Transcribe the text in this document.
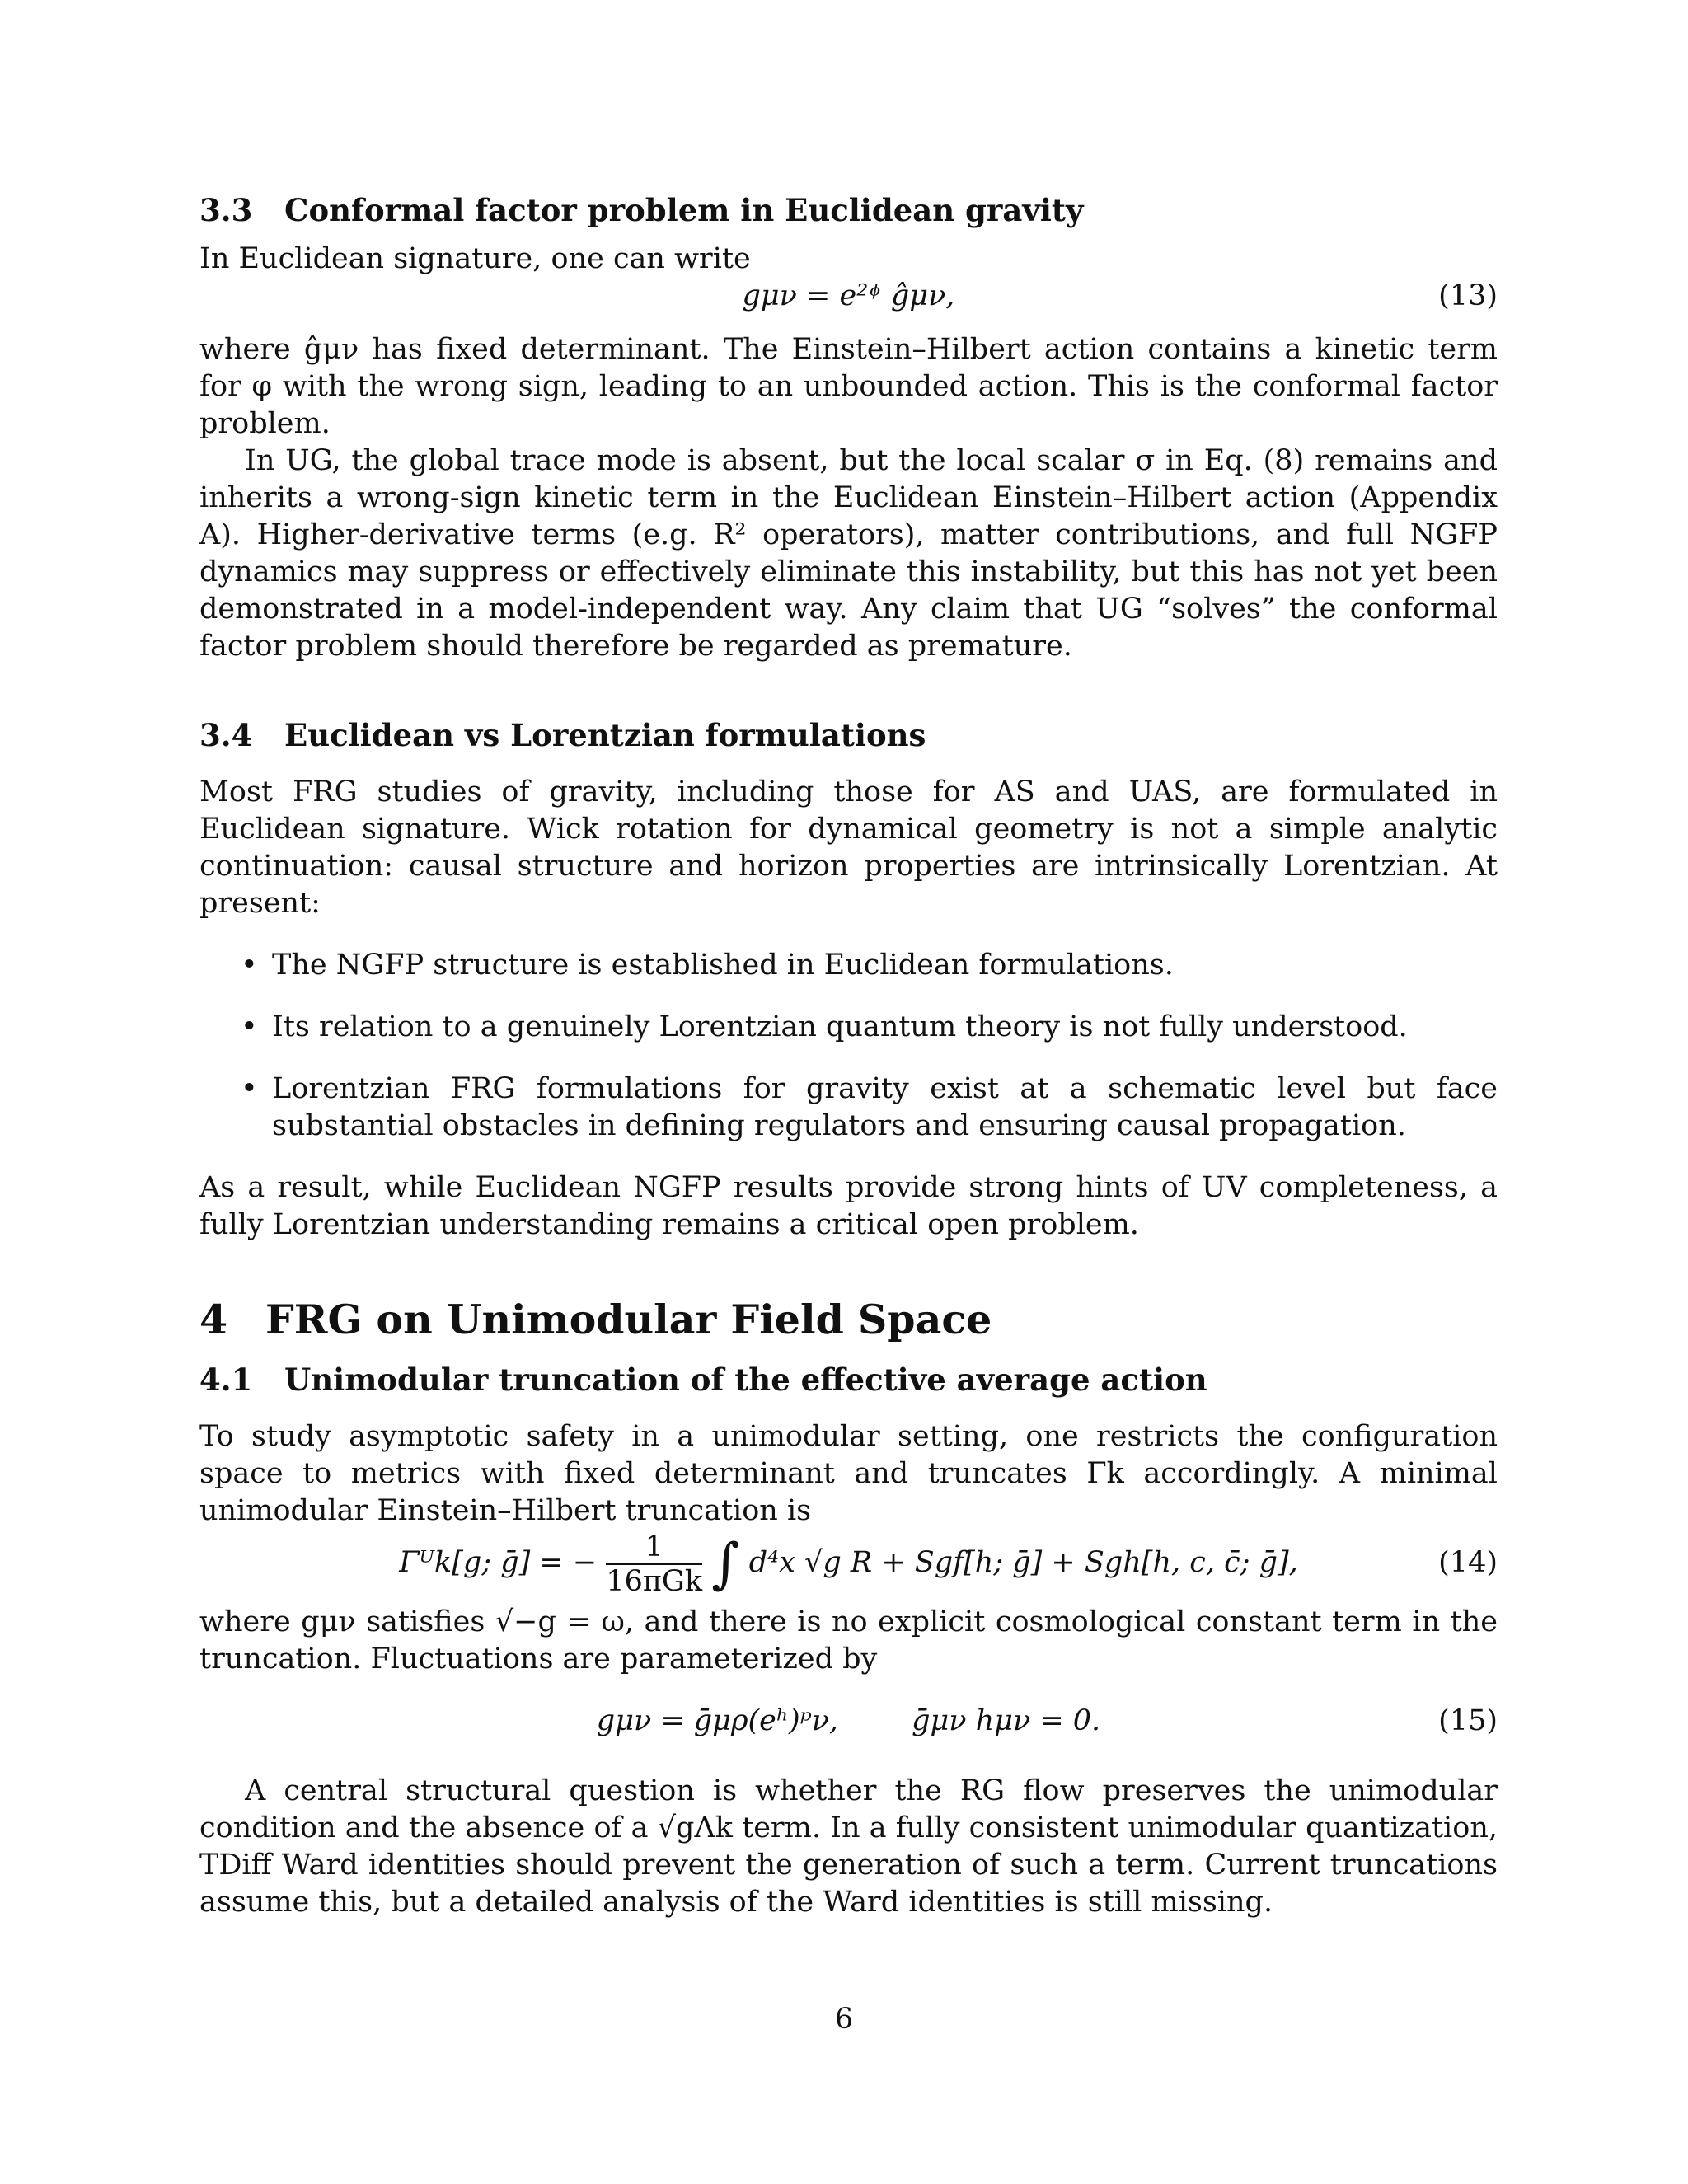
3.3 Conformal factor problem in Euclidean gravity

In Euclidean signature, one can write

gμν = e²ᶲ ĝμν,	(13)

where ĝμν has fixed determinant. The Einstein–Hilbert action contains a kinetic term for φ with the wrong sign, leading to an unbounded action. This is the conformal factor problem.

In UG, the global trace mode is absent, but the local scalar σ in Eq. (8) remains and inherits a wrong-sign kinetic term in the Euclidean Einstein–Hilbert action (Appendix A). Higher-derivative terms (e.g. R² operators), matter contributions, and full NGFP dynamics may suppress or effectively eliminate this instability, but this has not yet been demonstrated in a model-independent way. Any claim that UG “solves” the conformal factor problem should therefore be regarded as premature.

3.4 Euclidean vs Lorentzian formulations

Most FRG studies of gravity, including those for AS and UAS, are formulated in Euclidean signature. Wick rotation for dynamical geometry is not a simple analytic continuation: causal structure and horizon properties are intrinsically Lorentzian. At present:

• The NGFP structure is established in Euclidean formulations.
• Its relation to a genuinely Lorentzian quantum theory is not fully understood.
• Lorentzian FRG formulations for gravity exist at a schematic level but face substantial obstacles in defining regulators and ensuring causal propagation.

As a result, while Euclidean NGFP results provide strong hints of UV completeness, a fully Lorentzian understanding remains a critical open problem.

4 FRG on Unimodular Field Space
4.1 Unimodular truncation of the effective average action

To study asymptotic safety in a unimodular setting, one restricts the configuration space to metrics with fixed determinant and truncates Γk accordingly. A minimal unimodular Einstein–Hilbert truncation is

Γᵁk[g; ḡ] = − $\frac{1}{\text{16πGk}}$ ∫ d⁴x √g R + Sgf[h; ḡ] + Sgh[h, c, c̄; ḡ],	(14)

where gμν satisfies √−g = ω, and there is no explicit cosmological constant term in the truncation. Fluctuations are parameterized by

gμν = ḡμρ(eʰ)ᵖν,        ḡμν hμν = 0.	(15)

A central structural question is whether the RG flow preserves the unimodular condition and the absence of a √gΛk term. In a fully consistent unimodular quantization, TDiff Ward identities should prevent the generation of such a term. Current truncations assume this, but a detailed analysis of the Ward identities is still missing.

6
